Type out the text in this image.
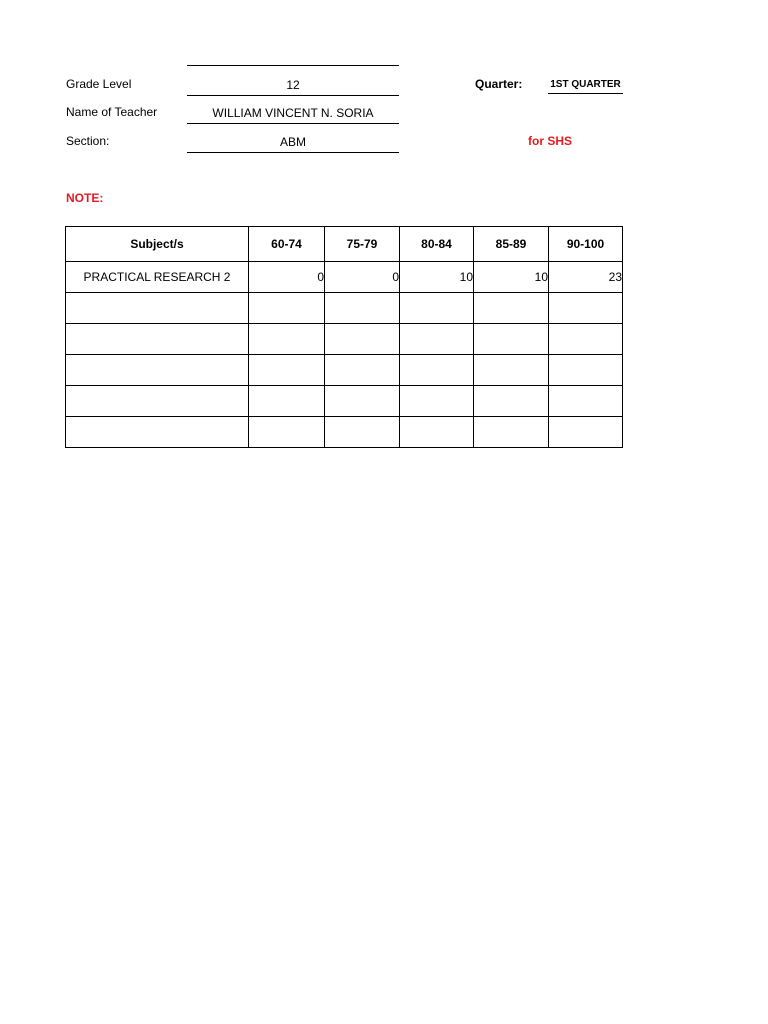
Grade Level	12
Name of Teacher	WILLIAM VINCENT N. SORIA
Section:	ABM
Quarter:	1ST QUARTER
for SHS
NOTE:
Subject/s	60-74	75-79	80-84	85-89	90-100
PRACTICAL RESEARCH 2	0	0	10	10	23
